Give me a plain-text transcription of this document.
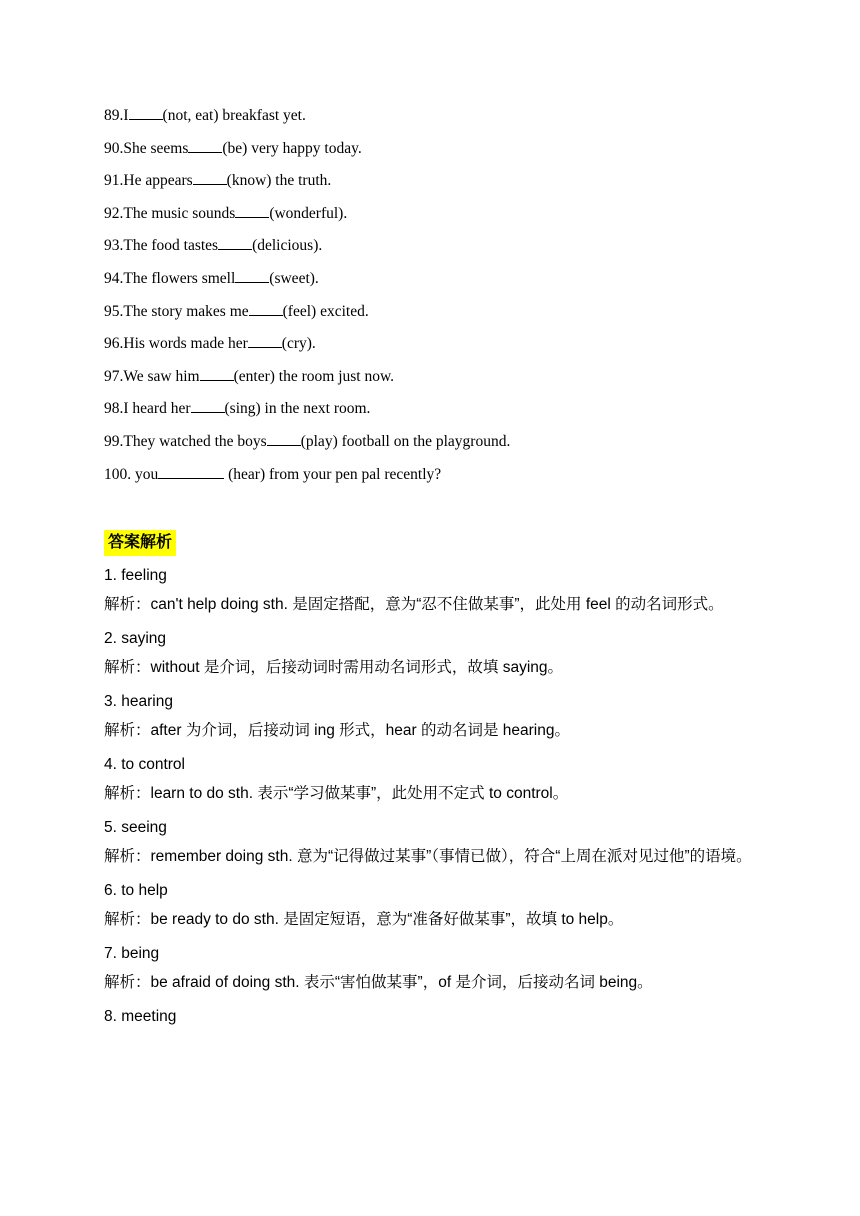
89.I (not, eat) breakfast yet.
90.She seems (be) very happy today.
91.He appears (know) the truth.
92.The music sounds (wonderful).
93.The food tastes (delicious).
94.The flowers smell (sweet).
95.The story makes me (feel) excited.
96.His words made her (cry).
97.We saw him (enter) the room just now.
98.I heard her (sing) in the next room.
99.They watched the boys (play) football on the playground.
100. you	(hear) from your pen pal recently?
答案解析
1. feeling
解析：can't help doing sth. 是固定搭配，意为“忍不住做某事”，此处用 feel 的动名词形式。
2. saying
解析：without 是介词，后接动词时需用动名词形式，故填 saying。
3. hearing
解析：after 为介词，后接动词 ing 形式，hear 的动名词是 hearing。
4. to control
解析：learn to do sth. 表示“学习做某事”，此处用不定式 to control。
5. seeing
解析：remember doing sth. 意为“记得做过某事”（事情已做），符合“上周在派对见过他”的语境。
6. to help
解析：be ready to do sth. 是固定短语，意为“准备好做某事”，故填 to help。
7. being
解析：be afraid of doing sth. 表示“害怕做某事”，of 是介词，后接动名词 being。
8. meeting
